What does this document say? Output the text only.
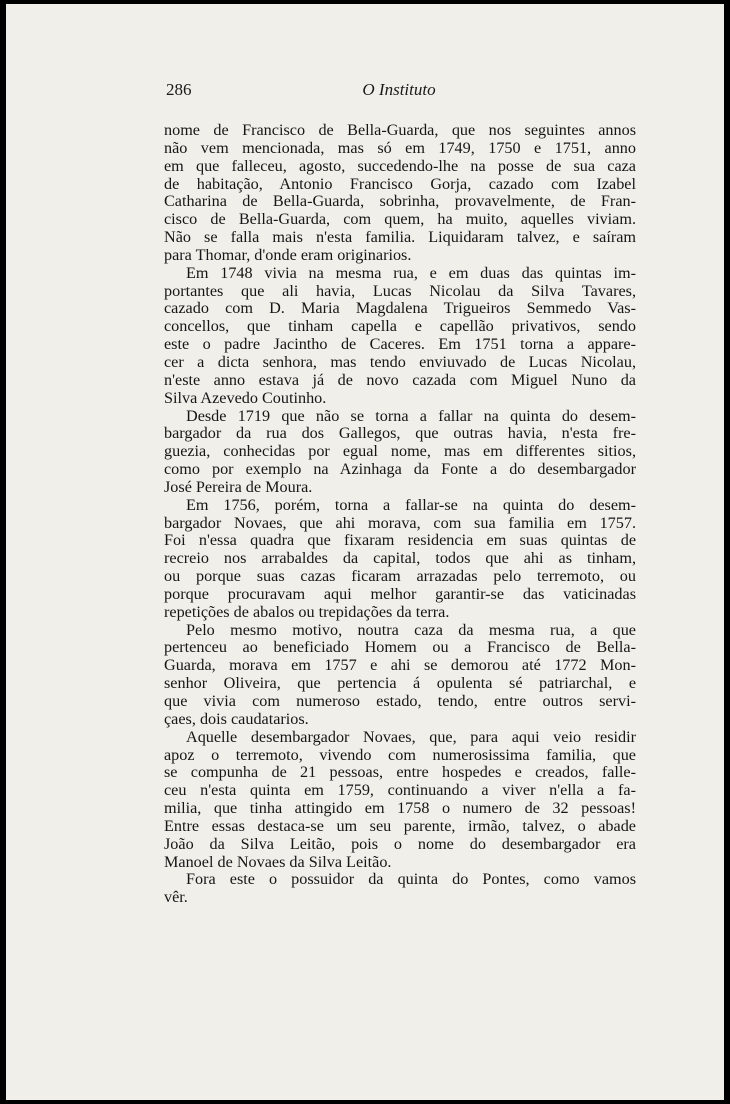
286	O Instituto

nome de Francisco de Bella-Guarda, que nos seguintes annos
não vem mencionada, mas só em 1749, 1750 e 1751, anno
em que falleceu, agosto, succedendo-lhe na posse de sua caza
de habitação, Antonio Francisco Gorja, cazado com Izabel
Catharina de Bella-Guarda, sobrinha, provavelmente, de Fran-
cisco de Bella-Guarda, com quem, ha muito, aquelles viviam.
Não se falla mais n'esta familia. Liquidaram talvez, e saíram
para Thomar, d'onde eram originarios.

Em 1748 vivia na mesma rua, e em duas das quintas im-
portantes que ali havia, Lucas Nicolau da Silva Tavares,
cazado com D. Maria Magdalena Trigueiros Semmedo Vas-
concellos, que tinham capella e capellão privativos, sendo
este o padre Jacintho de Caceres. Em 1751 torna a appare-
cer a dicta senhora, mas tendo enviuvado de Lucas Nicolau,
n'este anno estava já de novo cazada com Miguel Nuno da
Silva Azevedo Coutinho.

Desde 1719 que não se torna a fallar na quinta do desem-
bargador da rua dos Gallegos, que outras havia, n'esta fre-
guezia, conhecidas por egual nome, mas em differentes sitios,
como por exemplo na Azinhaga da Fonte a do desembargador
José Pereira de Moura.

Em 1756, porém, torna a fallar-se na quinta do desem-
bargador Novaes, que ahi morava, com sua familia em 1757.
Foi n'essa quadra que fixaram residencia em suas quintas de
recreio nos arrabaldes da capital, todos que ahi as tinham,
ou porque suas cazas ficaram arrazadas pelo terremoto, ou
porque procuravam aqui melhor garantir-se das vaticinadas
repetições de abalos ou trepidações da terra.

Pelo mesmo motivo, noutra caza da mesma rua, a que
pertenceu ao beneficiado Homem ou a Francisco de Bella-
Guarda, morava em 1757 e ahi se demorou até 1772 Mon-
senhor Oliveira, que pertencia á opulenta sé patriarchal, e
que vivia com numeroso estado, tendo, entre outros servi-
çaes, dois caudatarios.

Aquelle desembargador Novaes, que, para aqui veio residir
apoz o terremoto, vivendo com numerosissima familia, que
se compunha de 21 pessoas, entre hospedes e creados, falle-
ceu n'esta quinta em 1759, continuando a viver n'ella a fa-
milia, que tinha attingido em 1758 o numero de 32 pessoas!
Entre essas destaca-se um seu parente, irmão, talvez, o abade
João da Silva Leitão, pois o nome do desembargador era
Manoel de Novaes da Silva Leitão.

Fora este o possuidor da quinta do Pontes, como vamos
vêr.
